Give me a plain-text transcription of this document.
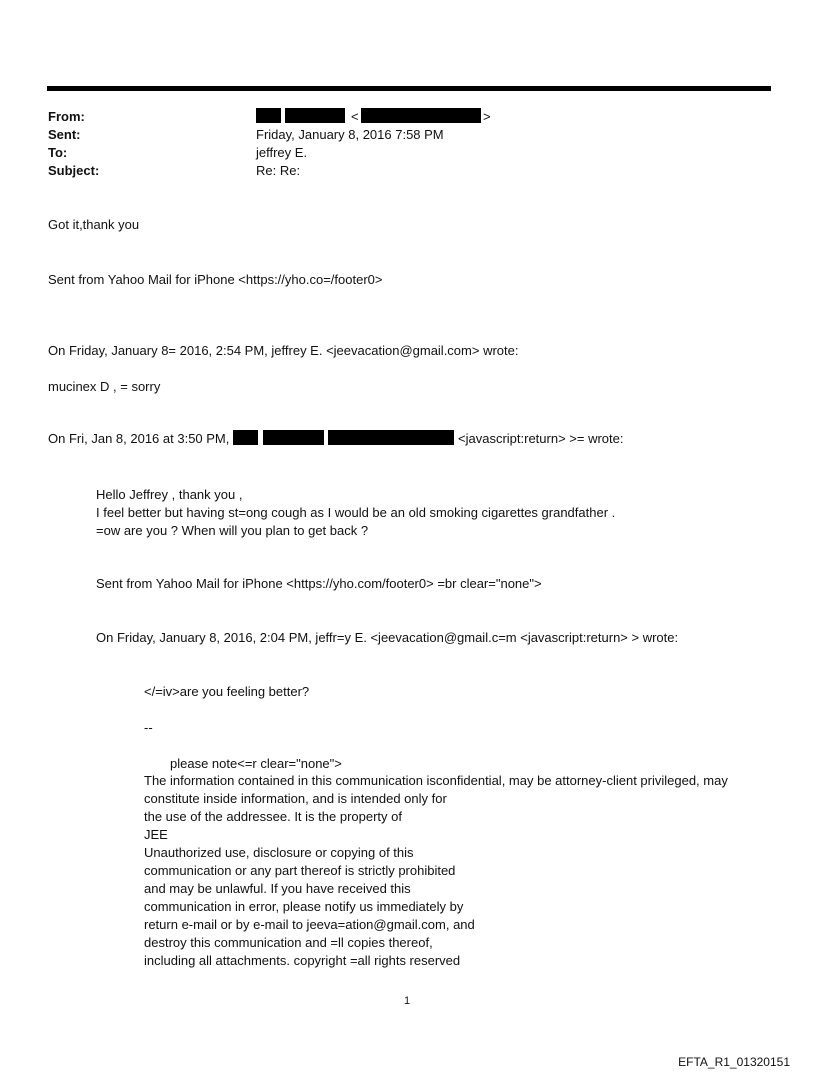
From:	<	>
Sent:	Friday, January 8, 2016 7:58 PM
To:	jeffrey E.
Subject:	Re: Re:
Got it,thank you
Sent from Yahoo Mail for iPhone <https://yho.co=/footer0>
On Friday, January 8= 2016, 2:54 PM, jeffrey E. <jeevacation@gmail.com> wrote:
mucinex D , = sorry
On Fri, Jan 8, 2016 at 3:50 PM,	<javascript:return> >= wrote:
Hello Jeffrey , thank you ,
I feel better but having st=ong cough as I would be an old smoking cigarettes grandfather .
=ow are you ? When will you plan to get back ?
Sent from Yahoo Mail for iPhone <https://yho.com/footer0> =br clear="none">
On Friday, January 8, 2016, 2:04 PM, jeffr=y E. <jeevacation@gmail.c=m <javascript:return> > wrote:
</=iv>are you feeling better?
--
please note<=r clear="none">
The information contained in this communication isconfidential, may be attorney-client privileged, may
constitute inside information, and is intended only for
the use of the addressee. It is the property of
JEE
Unauthorized use, disclosure or copying of this
communication or any part thereof is strictly prohibited
and may be unlawful. If you have received this
communication in error, please notify us immediately by
return e-mail or by e-mail to jeeva=ation@gmail.com, and
destroy this communication and =ll copies thereof,
including all attachments. copyright =all rights reserved
1
EFTA_R1_01320151
